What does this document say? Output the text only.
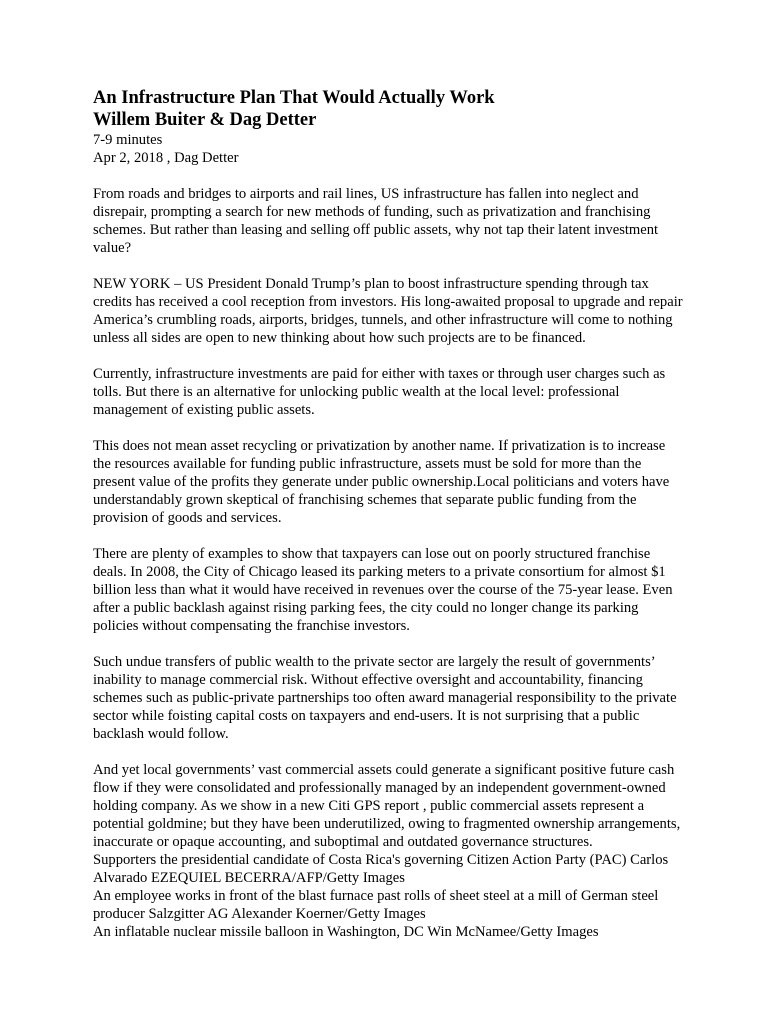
An Infrastructure Plan That Would Actually Work
Willem Buiter & Dag Detter

7-9 minutes

Apr 2, 2018 , Dag Detter

From roads and bridges to airports and rail lines, US infrastructure has fallen into neglect and disrepair, prompting a search for new methods of funding, such as privatization and franchising schemes. But rather than leasing and selling off public assets, why not tap their latent investment value?

NEW YORK – US President Donald Trump’s plan to boost infrastructure spending through tax credits has received a cool reception from investors. His long-awaited proposal to upgrade and repair America’s crumbling roads, airports, bridges, tunnels, and other infrastructure will come to nothing unless all sides are open to new thinking about how such projects are to be financed.

Currently, infrastructure investments are paid for either with taxes or through user charges such as tolls. But there is an alternative for unlocking public wealth at the local level: professional management of existing public assets.

This does not mean asset recycling or privatization by another name. If privatization is to increase the resources available for funding public infrastructure, assets must be sold for more than the present value of the profits they generate under public ownership.Local politicians and voters have understandably grown skeptical of franchising schemes that separate public funding from the provision of goods and services.

There are plenty of examples to show that taxpayers can lose out on poorly structured franchise deals. In 2008, the City of Chicago leased its parking meters to a private consortium for almost $1 billion less than what it would have received in revenues over the course of the 75-year lease. Even after a public backlash against rising parking fees, the city could no longer change its parking policies without compensating the franchise investors.

Such undue transfers of public wealth to the private sector are largely the result of governments’ inability to manage commercial risk. Without effective oversight and accountability, financing schemes such as public-private partnerships too often award managerial responsibility to the private sector while foisting capital costs on taxpayers and end-users. It is not surprising that a public backlash would follow.

And yet local governments’ vast commercial assets could generate a significant positive future cash flow if they were consolidated and professionally managed by an independent government-owned holding company. As we show in a new Citi GPS report , public commercial assets represent a potential goldmine; but they have been underutilized, owing to fragmented ownership arrangements, inaccurate or opaque accounting, and suboptimal and outdated governance structures.

Supporters the presidential candidate of Costa Rica's governing Citizen Action Party (PAC) Carlos Alvarado EZEQUIEL BECERRA/AFP/Getty Images

An employee works in front of the blast furnace past rolls of sheet steel at a mill of German steel producer Salzgitter AG Alexander Koerner/Getty Images

An inflatable nuclear missile balloon in Washington, DC Win McNamee/Getty Images
